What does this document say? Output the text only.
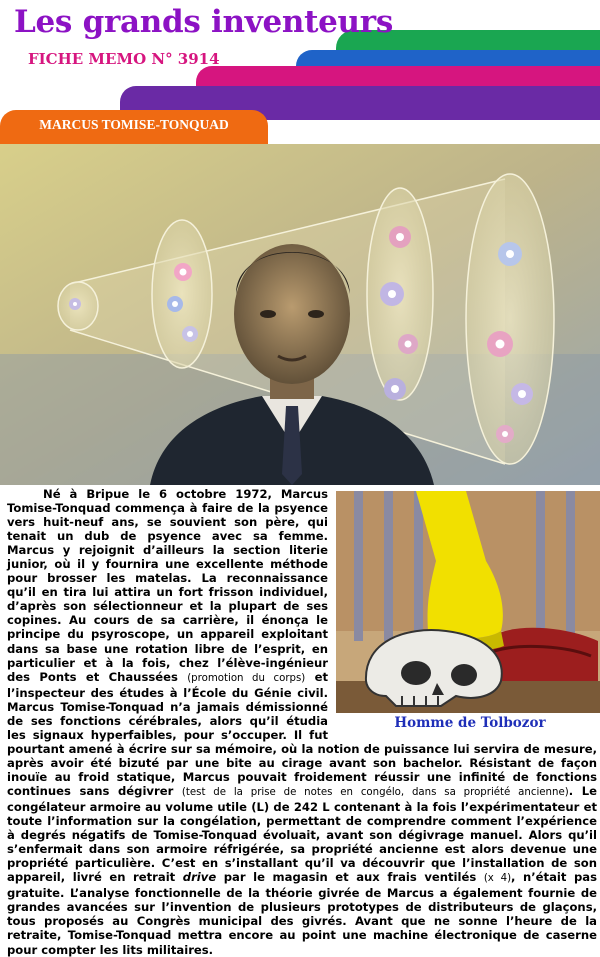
Les grands inventeurs
FICHE MEMO N° 3914
MARCUS TOMISE-TONQUAD
Homme de Tolbozor

Né à Bripue le 6 octobre 1972, Marcus Tomise-Tonquad commença à faire de la psyence vers huit-neuf ans, se souvient son père, qui tenait un dub de psyence avec sa femme. Marcus y rejoignit d’ailleurs la section literie junior, où il y fournira une excellente méthode pour brosser les matelas. La reconnaissance qu’il en tira lui attira un fort frisson individuel, d’après son sélectionneur et la plupart de ses copines. Au cours de sa carrière, il énonça le principe du psyroscope, un appareil exploitant dans sa base une rotation libre de l’esprit, en particulier et à la fois, chez l’élève-ingénieur des Ponts et Chaussées (promotion du corps) et l’inspecteur des études à l’École du Génie civil. Marcus Tomise-Tonquad n’a jamais démissionné de ses fonctions cérébrales, alors qu’il étudia les signaux hyperfaibles, pour s’occuper. Il fut pourtant amené à écrire sur sa mémoire, où la notion de puissance lui servira de mesure, après avoir été bizuté par une bite au cirage avant son bachelor. Résistant de façon inouïe au froid statique, Marcus pouvait froidement réussir une infinité de fonctions continues sans dégivrer (test de la prise de notes en congélo, dans sa propriété ancienne). Le congélateur armoire au volume utile (L) de 242 L contenant à la fois l’expérimentateur et toute l’information sur la congélation, permettant de comprendre comment l’expérience à degrés négatifs de Tomise-Tonquad évoluait, avant son dégivrage manuel. Alors qu’il s’enfermait dans son armoire réfrigérée, sa propriété ancienne est alors devenue une propriété particulière. C’est en s’installant qu’il va découvrir que l’installation de son appareil, livré en retrait drive par le magasin et aux frais ventilés (x 4), n’était pas gratuite. L’analyse fonctionnelle de la théorie givrée de Marcus a également fournie de grandes avancées sur l’invention de plusieurs prototypes de distributeurs de glaçons, tous proposés au Congrès municipal des givrés. Avant que ne sonne l’heure de la retraite, Tomise-Tonquad mettra encore au point une machine électronique de caserne pour compter les lits militaires.
